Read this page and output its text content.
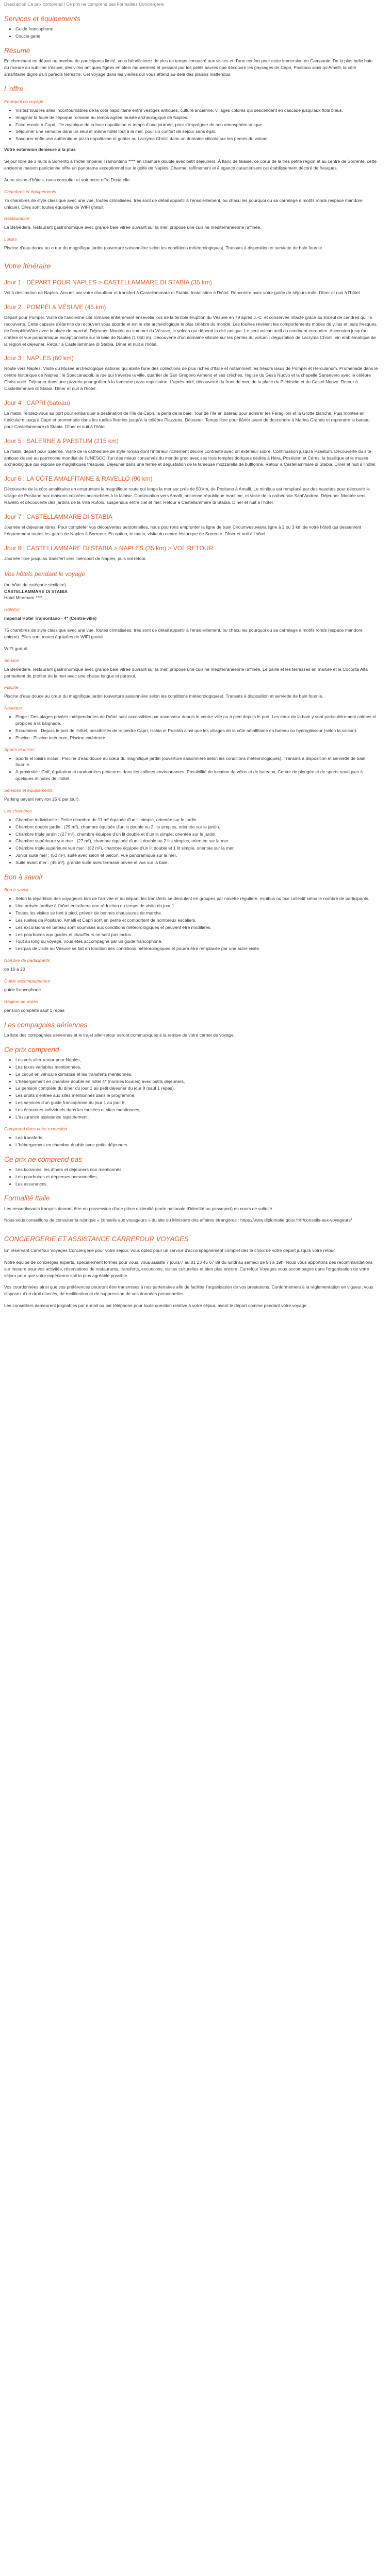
Description Ce prix comprend | Ce prix ne comprend pas Formalités Conciergerie
Services et équipements
• Guide francophone
• Coucie gerie
Résumé

En cheminant en départ au nombre de participants limité, vous bénéficierez de plus de temps consacré aux visites et d'une confort pour cette immersion en Campanie. De la plus belle baie du monde au sublime Vésuve, des villes antiques figées en plein mouvement et pessant par les petits havres que découvrir les paysages de Capri, Positano ainsi qu'Amalfi, la côte amalfitaine digne d'un paradis terrestre. Cet voyage dans les vieilles qui vous attend au-delà des plaisirs inattendus.

L'offre
Pourquoi ce voyage
• Visitez tous les sites incontournables de la côte napolitaine entre vestiges antiques, culture ancienne, villages colorés qui descendent en cascade jusqu'aux flots bleus.
• Imaginer la foule de l'époque romaine au temps agitée musée archéologique de Naples.
• Faire escale à Capri, l'île mythique de la baie napolitaine et temps d'une journée, pour s'imprégner de son atmosphère unique.
• Séjourner une semaine dans un seul et même hôtel tout à la mer, pour un confort de séjour sans égal.
• Savourer enfin une authentique pizza napolitaine et goûter au Lacryma Christi dans un domaine viticole sur les pentes du volcan.

Votre extension demeure à la plus

Séjour libre de 3 nuits à Sorrento à l'hôtel Imperial Tramontano **** en chambre double avec petit déjeuners. À flanc de falaise, ce cœur de la très petite région et au centre de Sorrente, cette ancienne maison patricienne offre un panorama exceptionnel sur le golfe de Naples. Charme, raffinement et élégance caractérisent cet établissement décoré de fresques.

Autre vision d'hôtels, nous consulter et voir notre offre Donatello

Chambres et équipements

75 chambres de style classique avec une vue, toutes climatisées, trés sont de détail appartir à l'ensoleillement, ou chacu les pourquoi ou sa carrelage à motifs ronds (espace mandore unique). Elles sont toutes équipées de WIFI gratuit.

Restauration

La Belvédère, restaurant gastronomique avec grande baie vitrée ouvrant sur la mer, propose une cuisine méditerranéenne raffinée.

Loisirs

Piscine d'eau douce au cœur du magnifique jardin (ouverture saisonnière selon les conditions météorologiques). Transats à disposition et serviette de bain fournie.

Votre itinéraire
Jour 1 : DÉPART POUR NAPLES > CASTELLAMMARE DI STABIA (35 km)

Vol à destination de Naples. Accueil par votre chauffeur et transfert à Castellammare di Stabia. Installation à l'hôtel. Rencontre avec votre guide de séjours-inde. Dîner et nuit à l'hôtel.

Jour 2 : POMPÉI & VÉSUVE (45 km)

Départ pour Pompéi. Visite de l'ancienne cité romaine entièrement ensevelie lors de la terrible éruption du Vésuve en 79 après J.-C. et conservée intacte grâce au linceul de cendres qui l'a recouverte. Cette capsule d'éternité de recouvert vous aborde et est le site archéologique le plus célèbre du monde. Les fouilles révèlent les comportements modes de villas et leurs fresques, de l'amphithéâtre avec la place de marché. Déjeuner. Montée au sommet du Vésuve, le volcan qui dépend la cité antique. Le seul volcan actif du continent européen. Ascension jusqu'au cratère et vue panoramique exceptionnelle sur la baie de Naples (1 050 m). Découverte d'un domaine viticole sur les pentes du volcan : dégustation de Lacryma Christi, vin emblématique de la région et déjeuner. Retour à Castellammare di Stabia. Dîner et nuit à l'hôtel.

Jour 3 : NAPLES (60 km)

Route vers Naples. Visite du Musée archéologique national qui abrite l'une des collections de plus riches d'Italie et notamment les trésors issus de Pompéi et Herculanum. Promenade dans le centre historique de Naples : le Spaccanapoli, la rue qui traverse la ville, quartier de San Gregorio Armeno et ses crèches, l'église du Gesù Nuovo et la chapelle Sansevero avec le célèbre Christ voilé. Déjeuner dans une pizzeria pour goûter à la fameuse pizza napolitaine. L'après-midi, découverte du front de mer, de la place du Plébiscite et du Castel Nuovo. Retour à Castellammare di Stabia. Dîner et nuit à l'hôtel.

Jour 4 : CAPRI (bateau)

Le matin, rendez-vous au port pour embarquer à destination de l'île de Capri, la perle de la baie. Tour de l'île en bateau pour admirer les Faraglioni et la Grotte blanche. Puis montée en funiculaire jusqu'à Capri et promenade dans les ruelles fleuries jusqu'à la célèbre Piazzetta. Déjeuner. Temps libre pour flâner avant de descendre à Marina Grande et reprendre le bateau pour Castellammare di Stabia. Dîner et nuit à l'hôtel.

Jour 5 : SALERNE & PAESTUM (215 km)

Le matin, départ pour Salerne. Visite de la cathédrale de style roman dont l'intérieur richement décoré contraste avec un extérieur sobre. Continuation jusqu'à Paestum. Découverte du site antique classé au patrimoine mondial de l'UNESCO, l'un des mieux conservés du monde grec avec ses trois temples doriques dédiés à Héra, Poséidon et Cérès, la basilique et le musée archéologique qui expose de magnifiques fresques. Déjeuner dans une ferme et dégustation de la fameuse mozzarella de bufflonne. Retour à Castellammare di Stabia. Dîner et nuit à l'hôtel.

Jour 6 : LA CÔTE AMALFITAINE & RAVELLO (90 km)

Découverte de la côte amalfitaine en empruntant la magnifique route qui longe la mer sur près de 50 km, de Positano à Amalfi. Le minibus est remplacé par des navettes pour découvrir le village de Positano aux maisons colorées accrochées à la falaise. Continuation vers Amalfi, ancienne république maritime, et visite de la cathédrale Sant'Andrea. Déjeuner. Montée vers Ravello et découverte des jardins de la Villa Rufolo, suspendus entre ciel et mer. Retour à Castellammare di Stabia. Dîner et nuit à l'hôtel.

Jour 7 : CASTELLAMMARE DI STABIA

Journée et déjeuner libres. Pour compléter vos découvertes personnelles, nous pourrons emprunter la ligne de train Circumvesuviana ligne à 2 ou 3 km de votre hôtel) qui desservent fréquemment toutes les gares de Naples à Sorrente. En option, le matin, visite du centre historique de Sorrente. Dîner et nuit à l'hôtel.

Jour 8 : CASTELLAMMARE DI STABIA > NAPLES (35 km) > VOL RETOUR

Journée libre jusqu'au transfert vers l'aéroport de Naples, puis vol retour.

Vos hôtels pendant le voyage
(ou hôtel de catégorie similaire)
CASTELLAMMARE DI STABIA
Hotel Miramare ****

Hôtel(s)

Imperial Hotel Tramontano - 4* (Centre-ville)

75 chambres de style classique avec une vue, toutes climatisées, trés sont de détail appartir à l'ensoleillement, ou chacu les pourquoi ou sa carrelage à motifs ronds (espace mandore unique). Elles sont toutes équipées de WIFI gratuit.

WIFI gratuit.

Service

La Belvédère, restaurant gastronomique avec grande baie vitrée ouvrant sur la mer, propose une cuisine méditerranéenne raffinée. Le paille et les terrasses en marbre et la Cocorita Alta permettent de profiter de la mer avec une chaise longue et parasol.

Piscine

Piscine d'eau douce au cœur du magnifique jardin (ouverture saisonnière selon les conditions météorologiques). Transats à disposition et serviette de bain fournie.

Nautique
• Plage : Des plages privées indépendantes de l'hôtel sont accessibles par ascenseur depuis le centre-ville ou à pied depuis le port. Les eaux de la baie y sont particulièrement calmes et propices à la baignade.
• Excursions : Depuis le port de l'hôtel, possibilités de rejoindre Capri, Ischia et Procida ainsi que les villages de la côte amalfitaine en bateau ou hydroglisseur (selon la saison).
• Piscine : Piscine intérieure, Piscine extérieure
Sports et loisirs
• Sports et loisirs inclus : Piscine d'eau douce au cœur du magnifique jardin (ouverture saisonnière selon les conditions météorologiques). Transats à disposition et serviette de bain fournie.
• À proximité : Golf, équitation et randonnées pédestres dans les collines environnantes. Possibilité de location de vélos et de bateaux. Centre de plongée et de sports nautiques à quelques minutes de l'hôtel.
Services et équipements

Parking payant (environ 25 € par jour).

Les chambres
• Chambre individuelle : Petite chambre de 11 m² équipée d'un lit simple, orientée sur le jardin.
• Chambre double jardin : (25 m²), chambre équipée d'un lit double ou 2 lits simples, orientée sur le jardin.
• Chambre triple jardin : (27 m²), chambre équipée d'un lit double et d'un lit simple, orientée sur le jardin.
• Chambre supérieure vue mer : (27 m²), chambre équipée d'un lit double ou 2 lits simples, orientée sur la mer.
• Chambre triple supérieure vue mer : (32 m²), chambre équipée d'un lit double et 1 lit simple, orientée sur la mer.
• Junior suite mer : (50 m²), suite avec salon et balcon, vue panoramique sur la mer.
• Suite avant mer : (45 m²), grande suite avec terrasse privée et vue sur la baie.
Bon à savoir
Bon à savoir
• Selon la répartition des voyageurs lors de l'arrivée et du départ, les transferts se déroulent en groupes par navette régulière, minibus ou taxi collectif selon le nombre de participants.
• Une arrivée tardive à l'hôtel entraînera une réduction du temps de visite du jour 1.
• Toutes les visites se font à pied, prévoir de bonnes chaussures de marche.
• Les ruelles de Positano, Amalfi et Capri sont en pente et comportent de nombreux escaliers.
• Les excursions en bateau sont soumises aux conditions météorologiques et peuvent être modifiées.
• Les pourboires aux guides et chauffeurs ne sont pas inclus.
• Tout au long du voyage, vous êtes accompagné par un guide francophone.
• Les pas de visite au Vésuve se fait en fonction des conditions météorologiques et pourra être remplacée par une autre visite.
Nombre de participants

de 10 à 20

Guide accompagnateur

guide francophone

Régime de repas

pension complète sauf 1 repas

Les compagnies aériennes

La liste des compagnies aériennes et le trajet aller-retour seront communiqués à la remise de votre carnet de voyage.

Ce prix comprend
• Les vols aller-retour pour Naples,
• Les taxes variables mentionnées,
• Le circuit en véhicule climatisé et les transferts mentionnés,
• L'hébergement en chambre double en hôtel 4* (normes locales) avec petits déjeuners,
• La pension complète du dîner du jour 1 au petit déjeuner du jour 8 (sauf 1 repas),
• Les droits d'entrée aux sites mentionnés dans le programme,
• Les services d'un guide francophone du jour 1 au jour 8,
• Les écouteurs individuels dans les musées et sites mentionnés,
• L'assurance assistance rapatriement.
Comprend dans votre extension
• Les transferts
• L'hébergement en chambre double avec petits déjeuners
Ce prix ne comprend pas
• Les boissons, les dîners et déjeuners non mentionnés,
• Les pourboires et dépenses personnelles,
• Les assurances.
Formalité Italie

Les ressortissants français devront être en possession d'une pièce d'identité (carte nationale d'identité ou passeport) en cours de validité.

Nous vous conseillons de consulter la rubrique « conseils aux voyageurs » du site du Ministère des affaires étrangères : https://www.diplomatie.gouv.fr/fr/conseils-aux-voyageurs/

CONCIERGERIE ET ASSISTANCE CARREFOUR VOYAGES

En réservant Carrefour Voyages Conciergerie pour votre séjour, vous optez pour un service d'accompagnement complet dès le choix de votre départ jusqu'à votre retour.

Notre équipe de concierges experts, spécialement formés pour vous, vous assiste 7 jours/7 au 01 23 45 67 89 du lundi au samedi de 9h à 19h. Nous vous apportons des recommandations sur mesure pour vos activités, réservations de restaurants, transferts, excursions, visites culturelles et bien plus encore. Carrefour Voyages vous accompagne dans l'organisation de votre séjour pour que votre expérience soit la plus agréable possible.

Vos coordonnées ainsi que vos préférences pourront être transmises à nos partenaires afin de faciliter l'organisation de vos prestations. Conformément à la réglementation en vigueur, vous disposez d'un droit d'accès, de rectification et de suppression de vos données personnelles.

Les conseillers demeurent joignables par e-mail ou par téléphone pour toute question relative à votre séjour, avant le départ comme pendant votre voyage.
